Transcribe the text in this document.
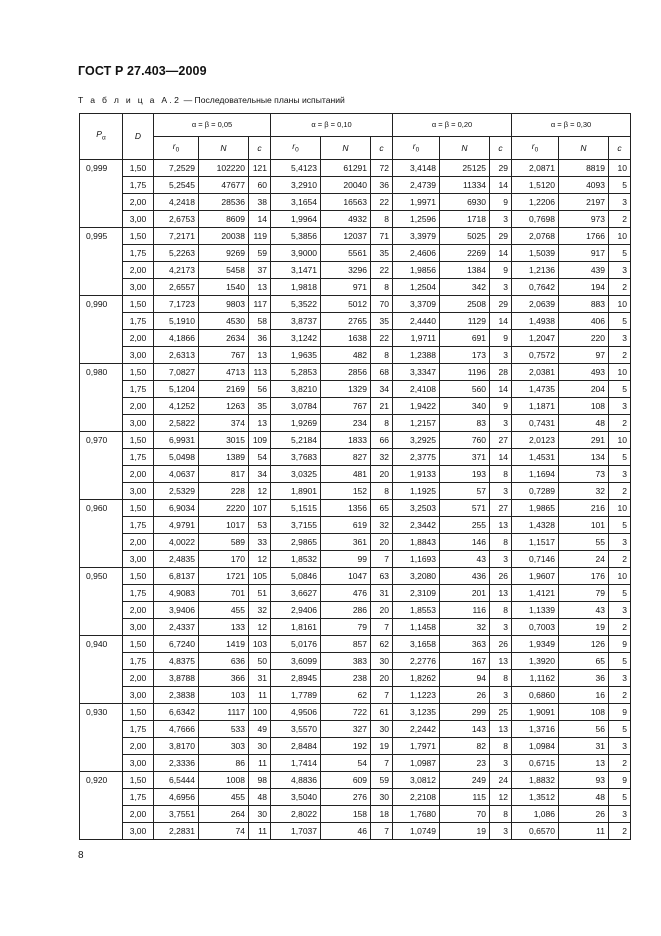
ГОСТ Р 27.403—2009
Т а б л и ц а А.2 — Последовательные планы испытаний
$P_\alpha$	D	α = β = 0,05			α = β = 0,10			α = β = 0,20			α = β = 0,30		
		$r_0$	N	c	$r_0$	N	c	$r_0$	N	c	$r_0$	N	c
0,999	1,50	7,2529	102220	121	5,4123	61291	72	3,4148	25125	29	2,0871	8819	10
	1,75	5,2545	47677	60	3,2910	20040	36	2,4739	11334	14	1,5120	4093	5
	2,00	4,2418	28536	38	3,1654	16563	22	1,9971	6930	9	1,2206	2197	3
	3,00	2,6753	8609	14	1,9964	4932	8	1,2596	1718	3	0,7698	973	2
0,995	1,50	7,2171	20038	119	5,3856	12037	71	3,3979	5025	29	2,0768	1766	10
	1,75	5,2263	9269	59	3,9000	5561	35	2,4606	2269	14	1,5039	917	5
	2,00	4,2173	5458	37	3,1471	3296	22	1,9856	1384	9	1,2136	439	3
	3,00	2,6557	1540	13	1,9818	971	8	1,2504	342	3	0,7642	194	2
0,990	1,50	7,1723	9803	117	5,3522	5012	70	3,3709	2508	29	2,0639	883	10
	1,75	5,1910	4530	58	3,8737	2765	35	2,4440	1129	14	1,4938	406	5
	2,00	4,1866	2634	36	3,1242	1638	22	1,9711	691	9	1,2047	220	3
	3,00	2,6313	767	13	1,9635	482	8	1,2388	173	3	0,7572	97	2
0,980	1,50	7,0827	4713	113	5,2853	2856	68	3,3347	1196	28	2,0381	493	10
	1,75	5,1204	2169	56	3,8210	1329	34	2,4108	560	14	1,4735	204	5
	2,00	4,1252	1263	35	3,0784	767	21	1,9422	340	9	1,1871	108	3
	3,00	2,5822	374	13	1,9269	234	8	1,2157	83	3	0,7431	48	2
0,970	1,50	6,9931	3015	109	5,2184	1833	66	3,2925	760	27	2,0123	291	10
	1,75	5,0498	1389	54	3,7683	827	32	2,3775	371	14	1,4531	134	5
	2,00	4,0637	817	34	3,0325	481	20	1,9133	193	8	1,1694	73	3
	3,00	2,5329	228	12	1,8901	152	8	1,1925	57	3	0,7289	32	2
0,960	1,50	6,9034	2220	107	5,1515	1356	65	3,2503	571	27	1,9865	216	10
	1,75	4,9791	1017	53	3,7155	619	32	2,3442	255	13	1,4328	101	5
	2,00	4,0022	589	33	2,9865	361	20	1,8843	146	8	1,1517	55	3
	3,00	2,4835	170	12	1,8532	99	7	1,1693	43	3	0,7146	24	2
0,950	1,50	6,8137	1721	105	5,0846	1047	63	3,2080	436	26	1,9607	176	10
	1,75	4,9083	701	51	3,6627	476	31	2,3109	201	13	1,4121	79	5
	2,00	3,9406	455	32	2,9406	286	20	1,8553	116	8	1,1339	43	3
	3,00	2,4337	133	12	1,8161	79	7	1,1458	32	3	0,7003	19	2
0,940	1,50	6,7240	1419	103	5,0176	857	62	3,1658	363	26	1,9349	126	9
	1,75	4,8375	636	50	3,6099	383	30	2,2776	167	13	1,3920	65	5
	2,00	3,8788	366	31	2,8945	238	20	1,8262	94	8	1,1162	36	3
	3,00	2,3838	103	11	1,7789	62	7	1,1223	26	3	0,6860	16	2
0,930	1,50	6,6342	1117	100	4,9506	722	61	3,1235	299	25	1,9091	108	9
	1,75	4,7666	533	49	3,5570	327	30	2,2442	143	13	1,3716	56	5
	2,00	3,8170	303	30	2,8484	192	19	1,7971	82	8	1,0984	31	3
	3,00	2,3336	86	11	1,7414	54	7	1,0987	23	3	0,6715	13	2
0,920	1,50	6,5444	1008	98	4,8836	609	59	3,0812	249	24	1,8832	93	9
	1,75	4,6956	455	48	3,5040	276	30	2,2108	115	12	1,3512	48	5
	2,00	3,7551	264	30	2,8022	158	18	1,7680	70	8	1,086	26	3
	3,00	2,2831	74	11	1,7037	46	7	1,0749	19	3	0,6570	11	2
8
